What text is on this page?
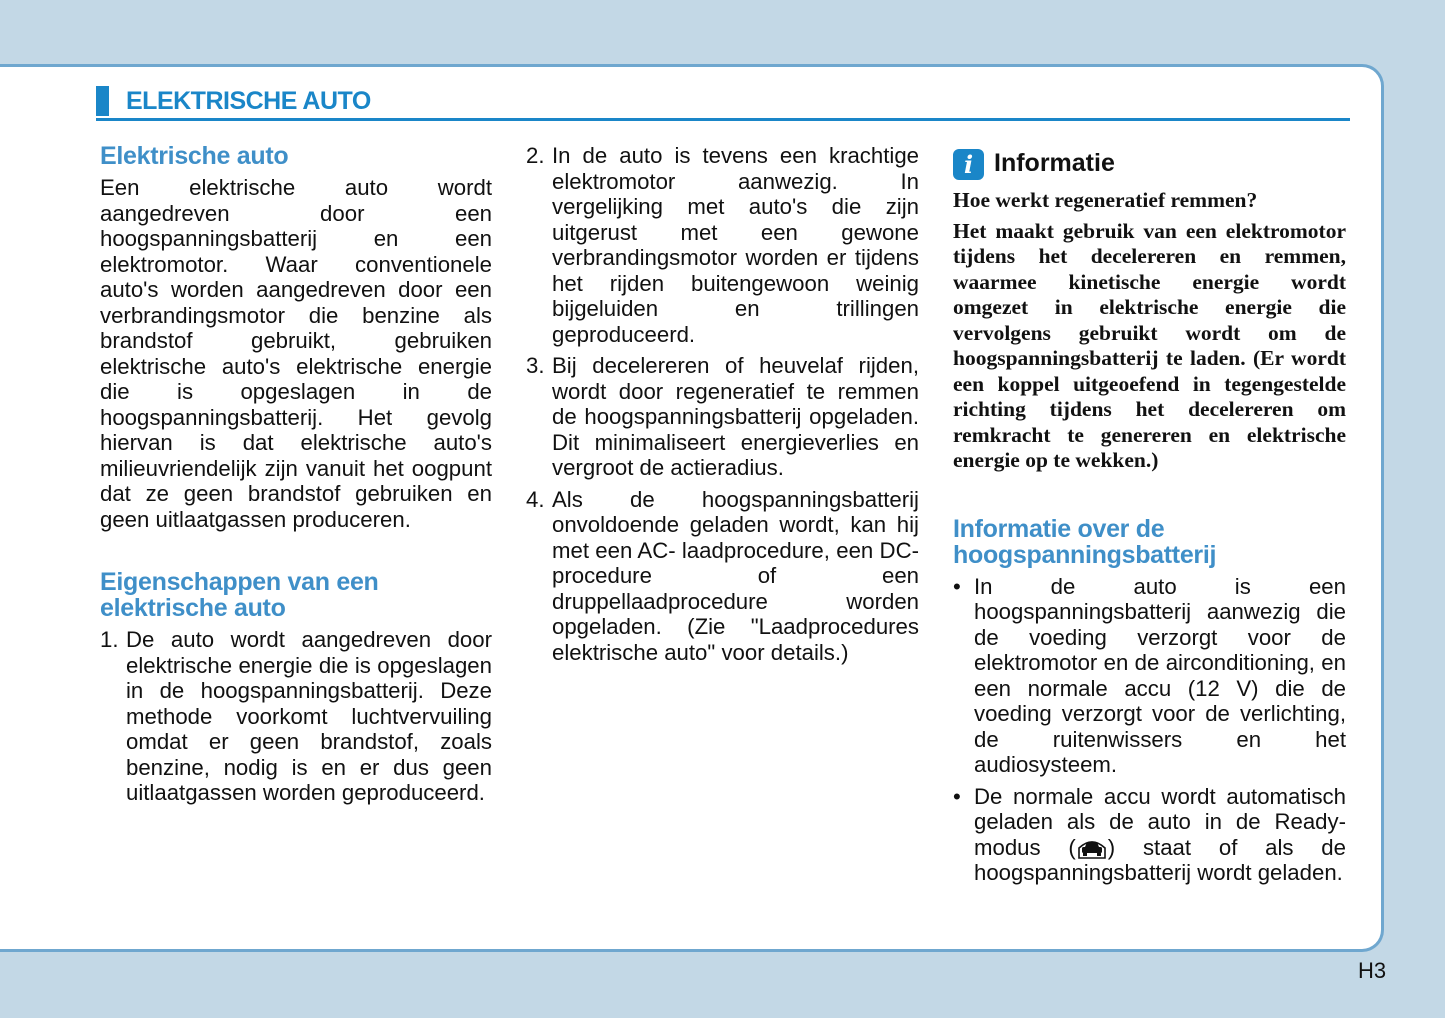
ELEKTRISCHE AUTO
Elektrische auto

Een elektrische auto wordt aangedreven door een hoogspanningsbatterij en een elektromotor. Waar conventionele auto's worden aangedreven door een verbrandingsmotor die benzine als brandstof gebruikt, gebruiken elektrische auto's elektrische energie die is opgeslagen in de hoogspanningsbatterij. Het gevolg hiervan is dat elektrische auto's milieuvriendelijk zijn vanuit het oogpunt dat ze geen brandstof gebruiken en geen uitlaatgassen produceren.

Eigenschappen van een elektrische auto
1. De auto wordt aangedreven door elektrische energie die is opgeslagen in de hoogspanningsbatterij. Deze methode voorkomt luchtvervuiling omdat er geen brandstof, zoals benzine, nodig is en er dus geen uitlaatgassen worden geproduceerd.
2. In de auto is tevens een krachtige elektromotor aanwezig. In vergelijking met auto's die zijn uitgerust met een gewone verbrandingsmotor worden er tijdens het rijden buitengewoon weinig bijgeluiden en trillingen geproduceerd.
3. Bij decelereren of heuvelaf rijden, wordt door regeneratief te remmen de hoogspanningsbatterij opgeladen. Dit minimaliseert energieverlies en vergroot de actieradius.
4. Als de hoogspanningsbatterij onvoldoende geladen wordt, kan hij met een AC- laadprocedure, een DC-procedure of een druppellaadprocedure worden opgeladen. (Zie "Laadprocedures elektrische auto" voor details.)
i Informatie

Hoe werkt regeneratief remmen?

Het maakt gebruik van een elektromotor tijdens het decelereren en remmen, waarmee kinetische energie wordt omgezet in elektrische energie die vervolgens gebruikt wordt om de hoogspanningsbatterij te laden. (Er wordt een koppel uitgeoefend in tegengestelde richting tijdens het decelereren om remkracht te genereren en elektrische energie op te wekken.)

Informatie over de hoogspanningsbatterij
• In de auto is een hoogspanningsbatterij aanwezig die de voeding verzorgt voor de elektromotor en de airconditioning, en een normale accu (12 V) die de voeding verzorgt voor de verlichting, de ruitenwissers en het audiosysteem.
• De normale accu wordt automatisch geladen als de auto in de Ready-modus ( ) staat of als de hoogspanningsbatterij wordt geladen.
H3
